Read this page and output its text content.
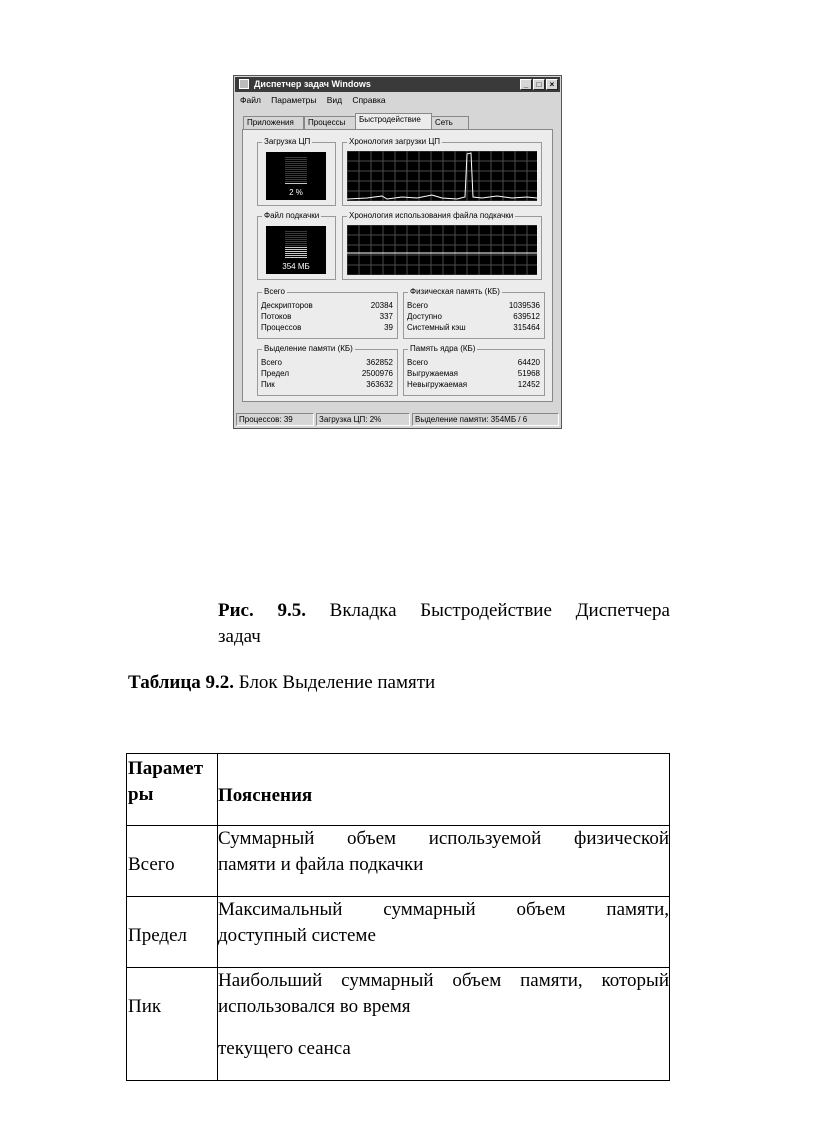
Диспетчер задач Windows	_	□	×
Файл Параметры Вид Справка
Приложения	Процессы	Быстродействие	Сеть
Загрузка ЦП
2 %
Хронология загрузки ЦП
Файл подкачки
354 МБ
Хронология использования файла подкачки
Всего
Дескрипторов	20384
Потоков	337
Процессов	39
Физическая память (КБ)
Всего	1039536
Доступно	639512
Системный кэш	315464
Выделение памяти (КБ)
Всего	362852
Предел	2500976
Пик	363632
Память ядра (КБ)
Всего	64420
Выгружаемая	51968
Невыгружаемая	12452
Процессов: 39	Загрузка ЦП: 2%	Выделение памяти: 354МБ / 6
Рис. 9.5. Вкладка Быстродействие Диспетчера
задач
Таблица 9.2. Блок Выделение памяти
Парамет
ры	Пояснения

Всего	Суммарный объем используемой физической
памяти и файла подкачки

Предел	Максимальный суммарный объем памяти,
доступный системе

Пик	Наибольший суммарный объем памяти, который
использовался во время
текущего сеанса
